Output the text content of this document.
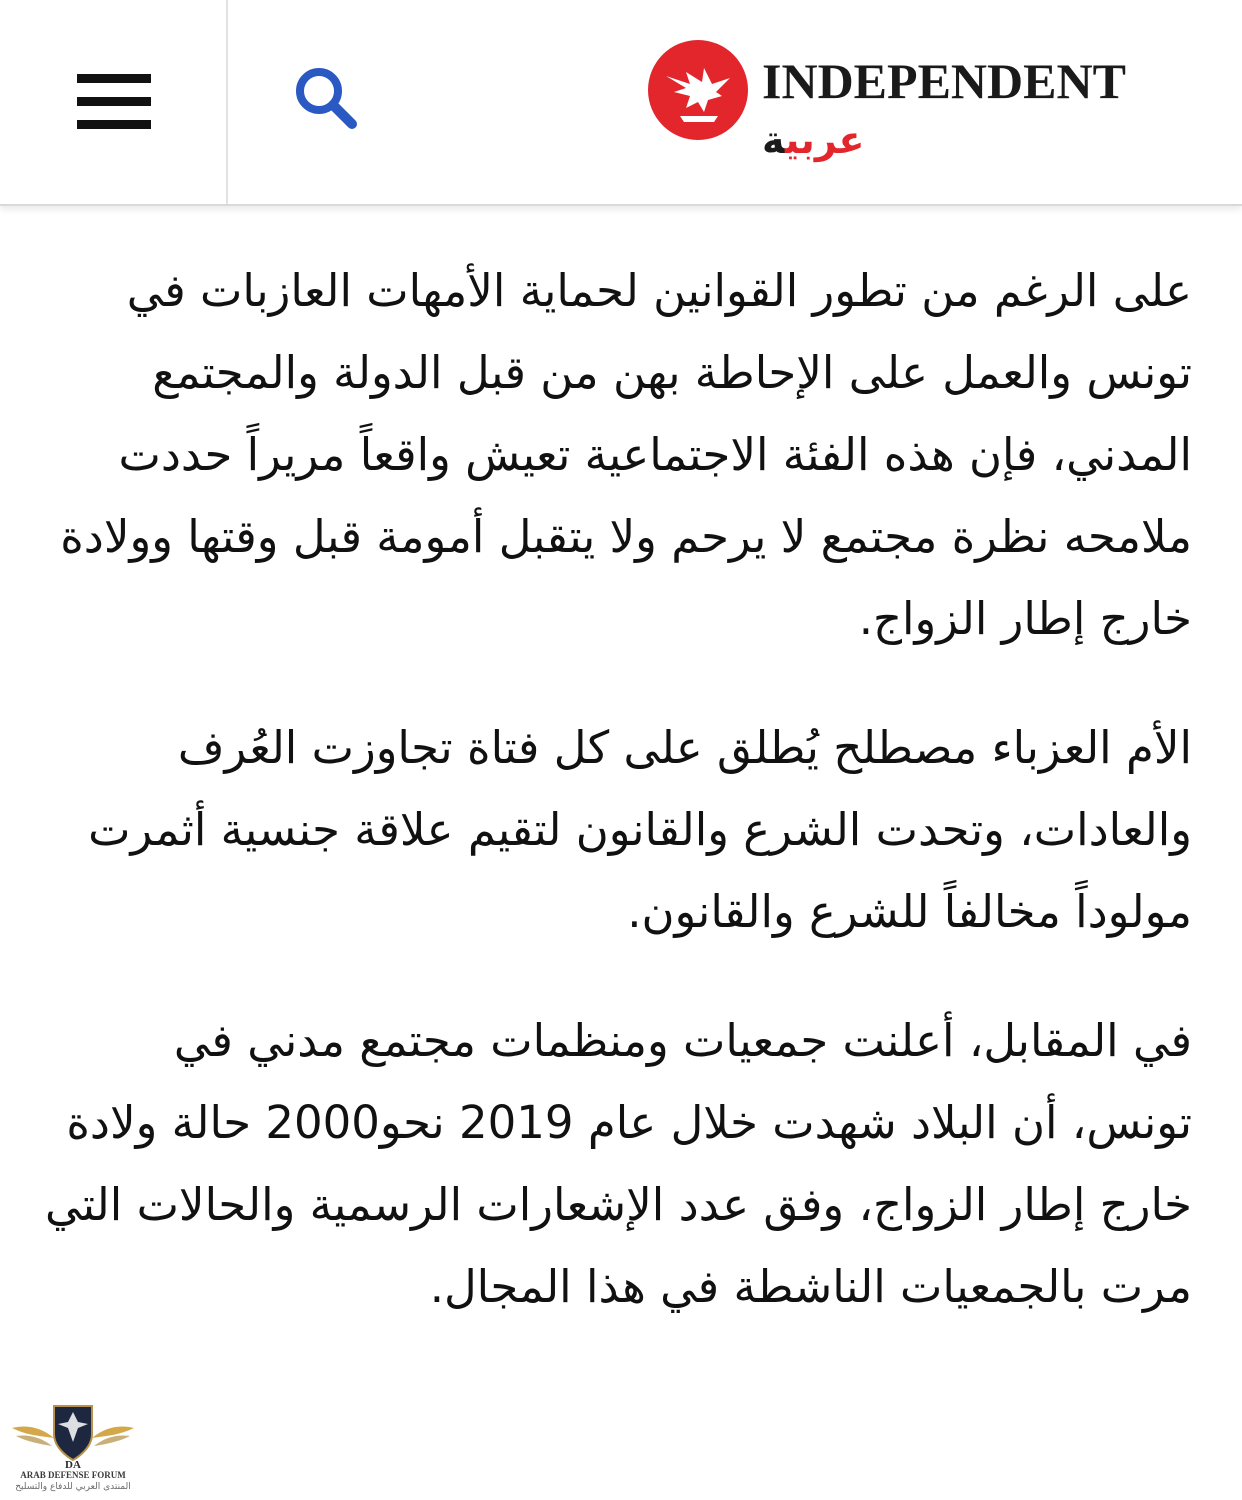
INDEPENDENT
عربية

على الرغم من تطور القوانين لحماية الأمهات العازبات في تونس والعمل على الإحاطة بهن من قبل الدولة والمجتمع المدني، فإن هذه الفئة الاجتماعية تعيش واقعاً مريراً حددت ملامحه نظرة مجتمع لا يرحم ولا يتقبل أمومة قبل وقتها وولادة خارج إطار الزواج.

الأم العزباء مصطلح يُطلق على كل فتاة تجاوزت العُرف والعادات، وتحدت الشرع والقانون لتقيم علاقة جنسية أثمرت مولوداً مخالفاً للشرع والقانون.

في المقابل، أعلنت جمعيات ومنظمات مجتمع مدني في تونس، أن البلاد شهدت خلال عام 2019 نحو2000 حالة ولادة خارج إطار الزواج، وفق عدد الإشعارات الرسمية والحالات التي مرت بالجمعيات الناشطة في هذا المجال.

DA
ARAB DEFENSE FORUM
المنتدى العربي للدفاع والتسليح
